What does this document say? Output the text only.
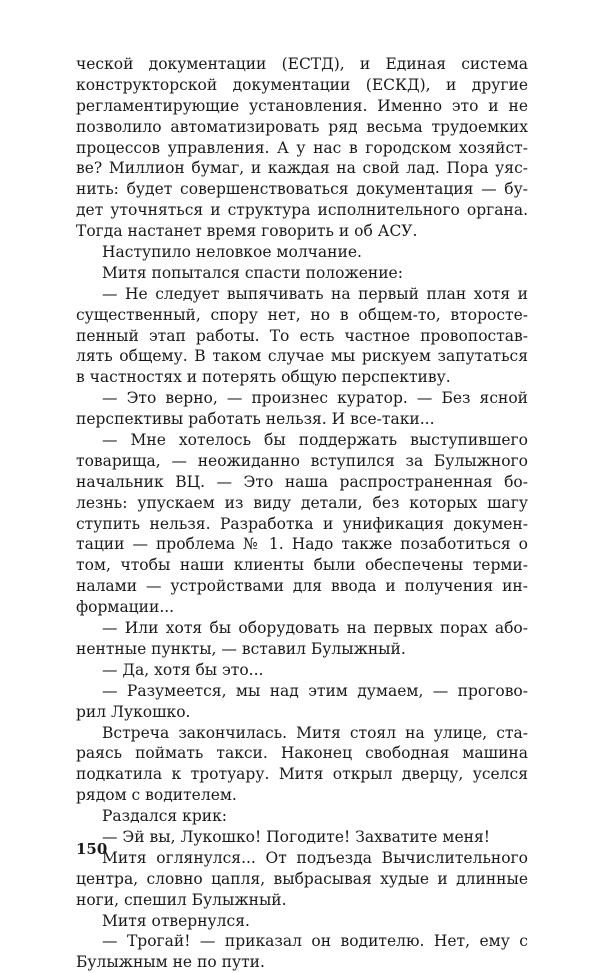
ческой документации (ЕСТД), и Единая система
конструкторской документации (ЕСКД), и другие
регламентирующие установления. Именно это и не
позволило автоматизировать ряд весьма трудоемких
процессов управления. А у нас в городском хозяйст-
ве? Миллион бумаг, и каждая на свой лад. Пора уяс-
нить: будет совершенствоваться документация — бу-
дет уточняться и структура исполнительного органа.
Тогда настанет время говорить и об АСУ.
Наступило неловкое молчание.
Митя попытался спасти положение:
— Не следует выпячивать на первый план хотя и
существенный, спору нет, но в общем-то, второсте-
пенный этап работы. То есть частное провопостав-
лять общему. В таком случае мы рискуем запутаться
в частностях и потерять общую перспективу.
— Это верно, — произнес куратор. — Без ясной
перспективы работать нельзя. И все-таки...
— Мне хотелось бы поддержать выступившего
товарища, — неожиданно вступился за Булыжного
начальник ВЦ. — Это наша распространенная бо-
лезнь: упускаем из виду детали, без которых шагу
ступить нельзя. Разработка и унификация докумен-
тации — проблема № 1. Надо также позаботиться о
том, чтобы наши клиенты были обеспечены терми-
налами — устройствами для ввода и получения ин-
формации...
— Или хотя бы оборудовать на первых порах або-
нентные пункты, — вставил Булыжный.
— Да, хотя бы это...
— Разумеется, мы над этим думаем, — прогово-
рил Лукошко.
Встреча закончилась. Митя стоял на улице, ста-
раясь поймать такси. Наконец свободная машина
подкатила к тротуару. Митя открыл дверцу, уселся
рядом с водителем.
Раздался крик:
— Эй вы, Лукошко! Погодите! Захватите меня!
Митя оглянулся... От подъезда Вычислительного
центра, словно цапля, выбрасывая худые и длинные
ноги, спешил Булыжный.
Митя отвернулся.
— Трогай! — приказал он водителю. Нет, ему с
Булыжным не по пути.
150
